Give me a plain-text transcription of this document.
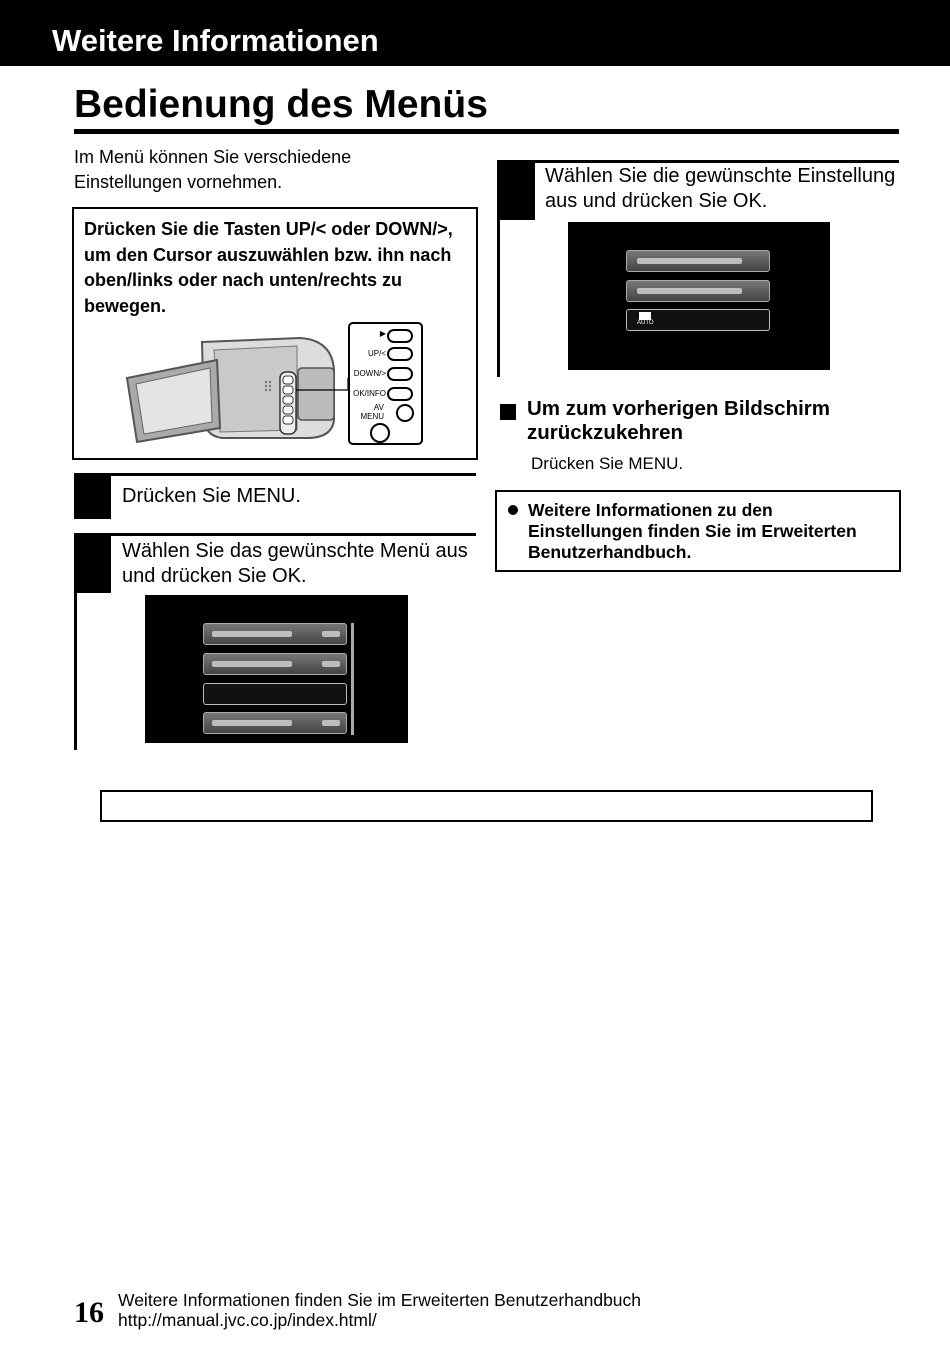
Weitere Informationen
Bedienung des Menüs
Im Menü können Sie verschiedene Einstellungen vornehmen.
Drücken Sie die Tasten UP/< oder DOWN/>, um den Cursor auszuwählen bzw. ihn nach oben/links oder nach unten/rechts zu bewegen.
▶
UP/<
DOWN/>
OK/INFO
AV
MENU
Drücken Sie MENU.
Wählen Sie das gewünschte Menü aus und drücken Sie OK.
Wählen Sie die gewünschte Einstellung aus und drücken Sie OK.
AUTO
Um zum vorherigen Bildschirm zurückzukehren
Drücken Sie MENU.
Weitere Informationen zu den Einstellungen finden Sie im Erweiterten Benutzerhandbuch.
16 Weitere Informationen finden Sie im Erweiterten Benutzerhandbuch
http://manual.jvc.co.jp/index.html/
